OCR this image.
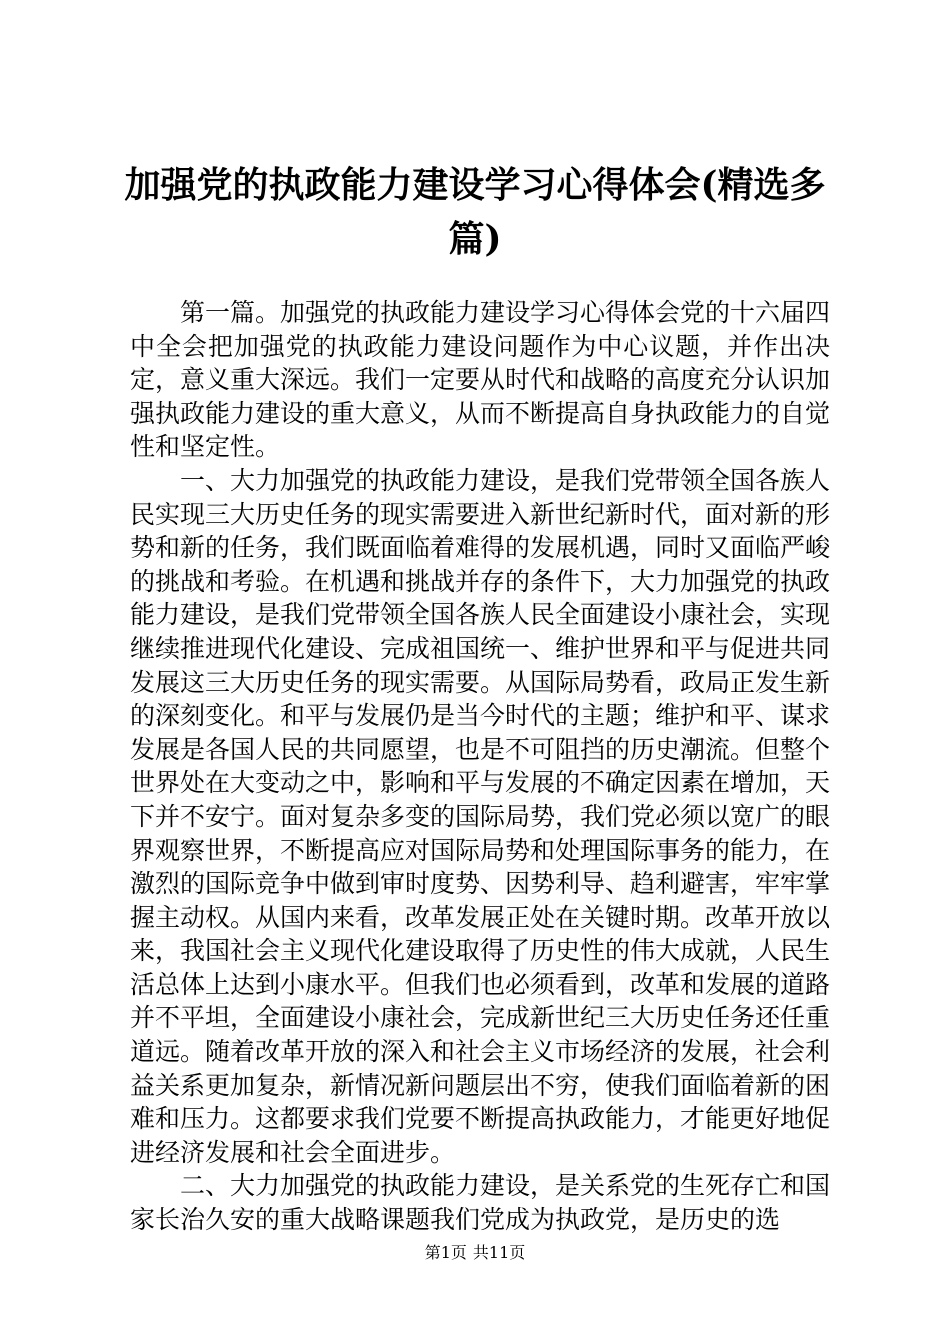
加强党的执政能力建设学习心得体会(精选多篇)

第一篇。加强党的执政能力建设学习心得体会党的十六届四中全会把加强党的执政能力建设问题作为中心议题，并作出决定，意义重大深远。我们一定要从时代和战略的高度充分认识加强执政能力建设的重大意义，从而不断提高自身执政能力的自觉性和坚定性。

一、大力加强党的执政能力建设，是我们党带领全国各族人民实现三大历史任务的现实需要进入新世纪新时代，面对新的形势和新的任务，我们既面临着难得的发展机遇，同时又面临严峻的挑战和考验。在机遇和挑战并存的条件下，大力加强党的执政能力建设，是我们党带领全国各族人民全面建设小康社会，实现继续推进现代化建设、完成祖国统一、维护世界和平与促进共同发展这三大历史任务的现实需要。从国际局势看，政局正发生新的深刻变化。和平与发展仍是当今时代的主题；维护和平、谋求发展是各国人民的共同愿望，也是不可阻挡的历史潮流。但整个世界处在大变动之中，影响和平与发展的不确定因素在增加，天下并不安宁。面对复杂多变的国际局势，我们党必须以宽广的眼界观察世界，不断提高应对国际局势和处理国际事务的能力，在激烈的国际竞争中做到审时度势、因势利导、趋利避害，牢牢掌握主动权。从国内来看，改革发展正处在关键时期。改革开放以来，我国社会主义现代化建设取得了历史性的伟大成就，人民生活总体上达到小康水平。但我们也必须看到，改革和发展的道路并不平坦，全面建设小康社会，完成新世纪三大历史任务还任重道远。随着改革开放的深入和社会主义市场经济的发展，社会利益关系更加复杂，新情况新问题层出不穷，使我们面临着新的困难和压力。这都要求我们党要不断提高执政能力，才能更好地促进经济发展和社会全面进步。

二、大力加强党的执政能力建设，是关系党的生死存亡和国家长治久安的重大战略课题我们党成为执政党，是历史的选

第1页 共11页
